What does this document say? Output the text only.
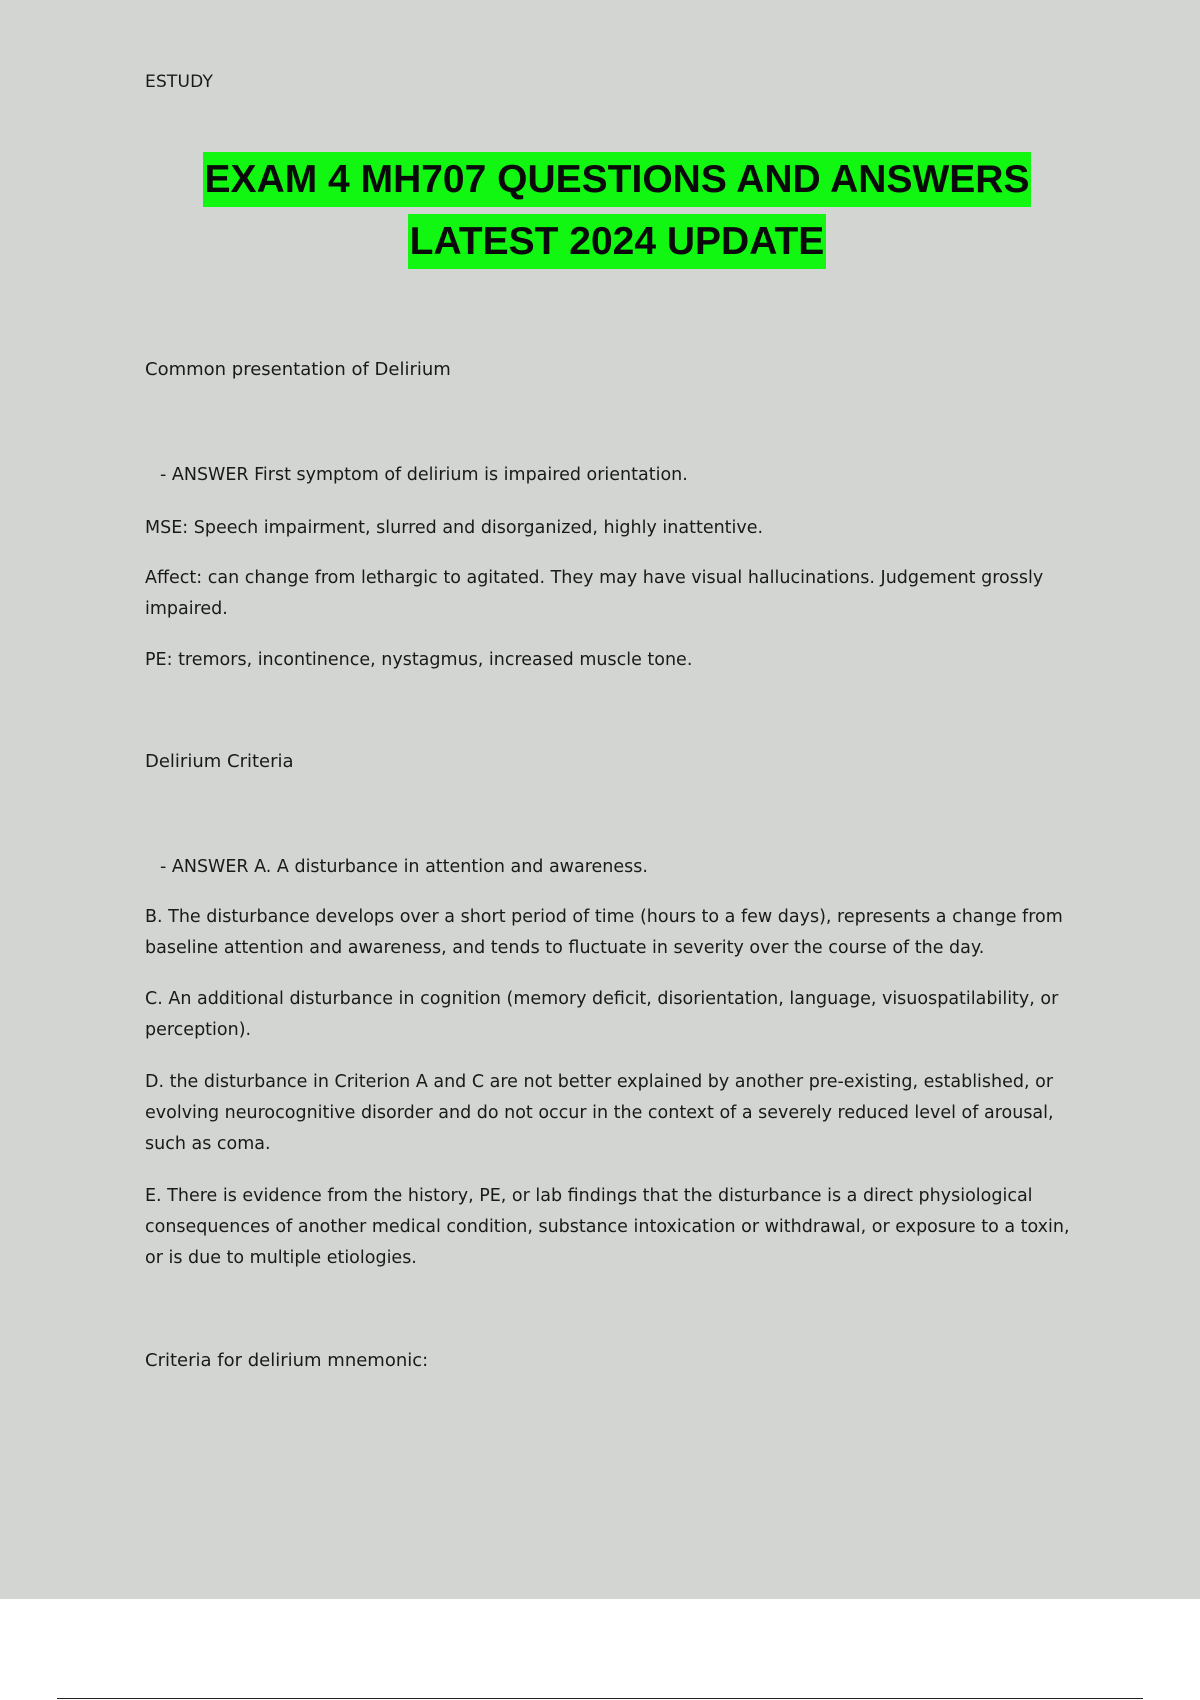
ESTUDY
EXAM 4 MH707 QUESTIONS AND ANSWERS
LATEST 2024 UPDATE
Common presentation of Delirium
- ANSWER First symptom of delirium is impaired orientation.
MSE: Speech impairment, slurred and disorganized, highly inattentive.
Affect: can change from lethargic to agitated. They may have visual hallucinations. Judgement grossly impaired.
PE: tremors, incontinence, nystagmus, increased muscle tone.
Delirium Criteria
- ANSWER A. A disturbance in attention and awareness.
B. The disturbance develops over a short period of time (hours to a few days), represents a change from baseline attention and awareness, and tends to fluctuate in severity over the course of the day.
C. An additional disturbance in cognition (memory deficit, disorientation, language, visuospatilability, or perception).
D. the disturbance in Criterion A and C are not better explained by another pre-existing, established, or evolving neurocognitive disorder and do not occur in the context of a severely reduced level of arousal, such as coma.
E. There is evidence from the history, PE, or lab findings that the disturbance is a direct physiological consequences of another medical condition, substance intoxication or withdrawal, or exposure to a toxin, or is due to multiple etiologies.
Criteria for delirium mnemonic:
